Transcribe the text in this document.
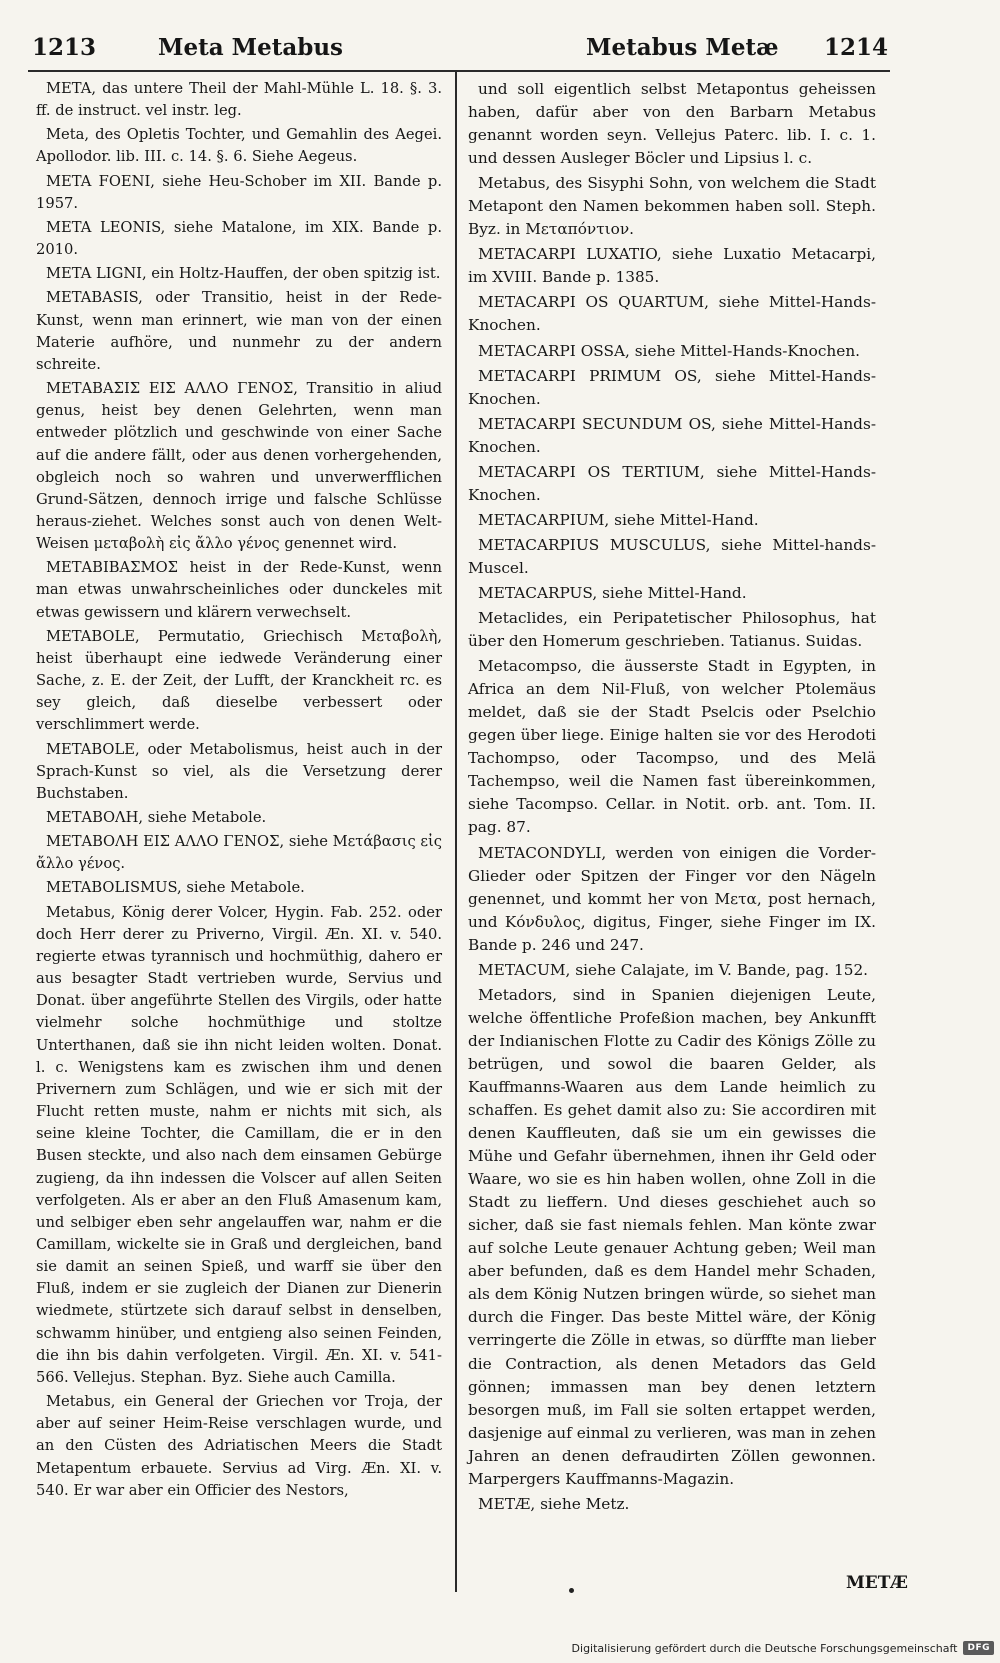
1213	Meta Metabus	Metabus Metæ 1214

META, das untere Theil der Mahl-Mühle L. 18. §. 3. ff. de instruct. vel instr. leg.

Meta, des Opletis Tochter, und Gemahlin des Aegei. Apollodor. lib. III. c. 14. §. 6. Siehe Aegeus.

META FOENI, siehe Heu-Schober im XII. Bande p. 1957.

META LEONIS, siehe Matalone, im XIX. Bande p. 2010.

META LIGNI, ein Holtz-Hauffen, der oben spitzig ist.

METABASIS, oder Transitio, heist in der Rede-Kunst, wenn man erinnert, wie man von der einen Materie aufhöre, und nunmehr zu der andern schreite.

ΜΕΤΑΒΑΣΙΣ ΕΙΣ ΑΛΛΟ ΓΕΝΟΣ, Transitio in aliud genus, heist bey denen Gelehrten, wenn man entweder plötzlich und geschwinde von einer Sache auf die andere fällt, oder aus denen vorhergehenden, obgleich noch so wahren und unverwerfflichen Grund-Sätzen, dennoch irrige und falsche Schlüsse heraus-ziehet. Welches sonst auch von denen Welt-Weisen μεταβολὴ εἰς ἄλλο γένος genennet wird.

ΜΕΤΑΒΙΒΑΣΜΟΣ heist in der Rede-Kunst, wenn man etwas unwahrscheinliches oder dunckeles mit etwas gewissern und klärern verwechselt.

METABOLE, Permutatio, Griechisch Μεταβολὴ, heist überhaupt eine iedwede Veränderung einer Sache, z. E. der Zeit, der Lufft, der Kranckheit rc. es sey gleich, daß dieselbe verbessert oder verschlimmert werde.

METABOLE, oder Metabolismus, heist auch in der Sprach-Kunst so viel, als die Versetzung derer Buchstaben.

ΜΕΤΑΒΟΛΗ, siehe Metabole.

ΜΕΤΑΒΟΛΗ ΕΙΣ ΑΛΛΟ ΓΕΝΟΣ, siehe Μετάβασις εἰς ἄλλο γένος.

METABOLISMUS, siehe Metabole.

Metabus, König derer Volcer, Hygin. Fab. 252. oder doch Herr derer zu Priverno, Virgil. Æn. XI. v. 540. regierte etwas tyrannisch und hochmüthig, dahero er aus besagter Stadt vertrieben wurde, Servius und Donat. über angeführte Stellen des Virgils, oder hatte vielmehr solche hochmüthige und stoltze Unterthanen, daß sie ihn nicht leiden wolten. Donat. l. c. Wenigstens kam es zwischen ihm und denen Privernern zum Schlägen, und wie er sich mit der Flucht retten muste, nahm er nichts mit sich, als seine kleine Tochter, die Camillam, die er in den Busen steckte, und also nach dem einsamen Gebürge zugieng, da ihn indessen die Volscer auf allen Seiten verfolgeten. Als er aber an den Fluß Amasenum kam, und selbiger eben sehr angelauffen war, nahm er die Camillam, wickelte sie in Graß und dergleichen, band sie damit an seinen Spieß, und warff sie über den Fluß, indem er sie zugleich der Dianen zur Dienerin wiedmete, stürtzete sich darauf selbst in denselben, schwamm hinüber, und entgieng also seinen Feinden, die ihn bis dahin verfolgeten. Virgil. Æn. XI. v. 541-566. Vellejus. Stephan. Byz. Siehe auch Camilla.

Metabus, ein General der Griechen vor Troja, der aber auf seiner Heim-Reise verschlagen wurde, und an den Cüsten des Adriatischen Meers die Stadt Metapentum erbauete. Servius ad Virg. Æn. XI. v. 540. Er war aber ein Officier des Nestors,

und soll eigentlich selbst Metapontus geheissen haben, dafür aber von den Barbarn Metabus genannt worden seyn. Vellejus Paterc. lib. I. c. 1. und dessen Ausleger Böcler und Lipsius l. c.

Metabus, des Sisyphi Sohn, von welchem die Stadt Metapont den Namen bekommen haben soll. Steph. Byz. in Μεταπόντιον.

METACARPI LUXATIO, siehe Luxatio Metacarpi, im XVIII. Bande p. 1385.

METACARPI OS QUARTUM, siehe Mittel-Hands-Knochen.

METACARPI OSSA, siehe Mittel-Hands-Knochen.

METACARPI PRIMUM OS, siehe Mittel-Hands-Knochen.

METACARPI SECUNDUM OS, siehe Mittel-Hands-Knochen.

METACARPI OS TERTIUM, siehe Mittel-Hands-Knochen.

METACARPIUM, siehe Mittel-Hand.

METACARPIUS MUSCULUS, siehe Mittel-hands-Muscel.

METACARPUS, siehe Mittel-Hand.

Metaclides, ein Peripatetischer Philosophus, hat über den Homerum geschrieben. Tatianus. Suidas.

Metacompso, die äusserste Stadt in Egypten, in Africa an dem Nil-Fluß, von welcher Ptolemäus meldet, daß sie der Stadt Pselcis oder Pselchio gegen über liege. Einige halten sie vor des Herodoti Tachompso, oder Tacompso, und des Melä Tachempso, weil die Namen fast übereinkommen, siehe Tacompso. Cellar. in Notit. orb. ant. Tom. II. pag. 87.

METACONDYLI, werden von einigen die Vorder-Glieder oder Spitzen der Finger vor den Nägeln genennet, und kommt her von Μετα, post hernach, und Κόνδυλος, digitus, Finger, siehe Finger im IX. Bande p. 246 und 247.

METACUM, siehe Calajate, im V. Bande, pag. 152.

Metadors, sind in Spanien diejenigen Leute, welche öffentliche Profeßion machen, bey Ankunfft der Indianischen Flotte zu Cadir des Königs Zölle zu betrügen, und sowol die baaren Gelder, als Kauffmanns-Waaren aus dem Lande heimlich zu schaffen. Es gehet damit also zu: Sie accordiren mit denen Kauffleuten, daß sie um ein gewisses die Mühe und Gefahr übernehmen, ihnen ihr Geld oder Waare, wo sie es hin haben wollen, ohne Zoll in die Stadt zu lieffern. Und dieses geschiehet auch so sicher, daß sie fast niemals fehlen. Man könte zwar auf solche Leute genauer Achtung geben; Weil man aber befunden, daß es dem Handel mehr Schaden, als dem König Nutzen bringen würde, so siehet man durch die Finger. Das beste Mittel wäre, der König verringerte die Zölle in etwas, so dürffte man lieber die Contraction, als denen Metadors das Geld gönnen; immassen man bey denen letztern besorgen muß, im Fall sie solten ertappet werden, dasjenige auf einmal zu verlieren, was man in zehen Jahren an denen defraudirten Zöllen gewonnen. Marpergers Kauffmanns-Magazin.

METÆ, siehe Metz.

METÆ
Digitalisierung gefördert durch die Deutsche Forschungsgemeinschaft	DFG
